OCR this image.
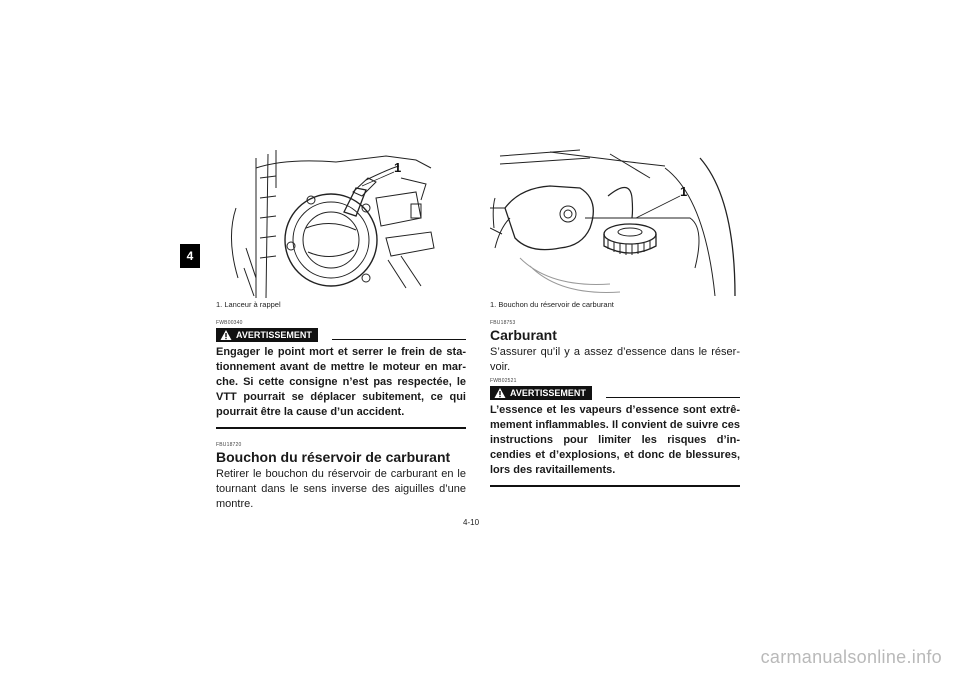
4
1
1. Lanceur à rappel

FWB00340

AVERTISSEMENT

Engager le point mort et serrer le frein de sta-tionnement avant de mettre le moteur en mar-che. Si cette consigne n’est pas respectée, le VTT pourrait se déplacer subitement, ce qui pourrait être la cause d’un accident.

FBU18720

Bouchon du réservoir de carburant

Retirer le bouchon du réservoir de carburant en le tournant dans le sens inverse des aiguilles d’une montre.

1
1. Bouchon du réservoir de carburant

FBU18753

Carburant

S’assurer qu’il y a assez d’essence dans le réser-voir.

FWB02521

AVERTISSEMENT

L’essence et les vapeurs d’essence sont extrê-mement inflammables. Il convient de suivre ces instructions pour limiter les risques d’in-cendies et d’explosions, et donc de blessures, lors des ravitaillements.

4-10
carmanualsonline.info
